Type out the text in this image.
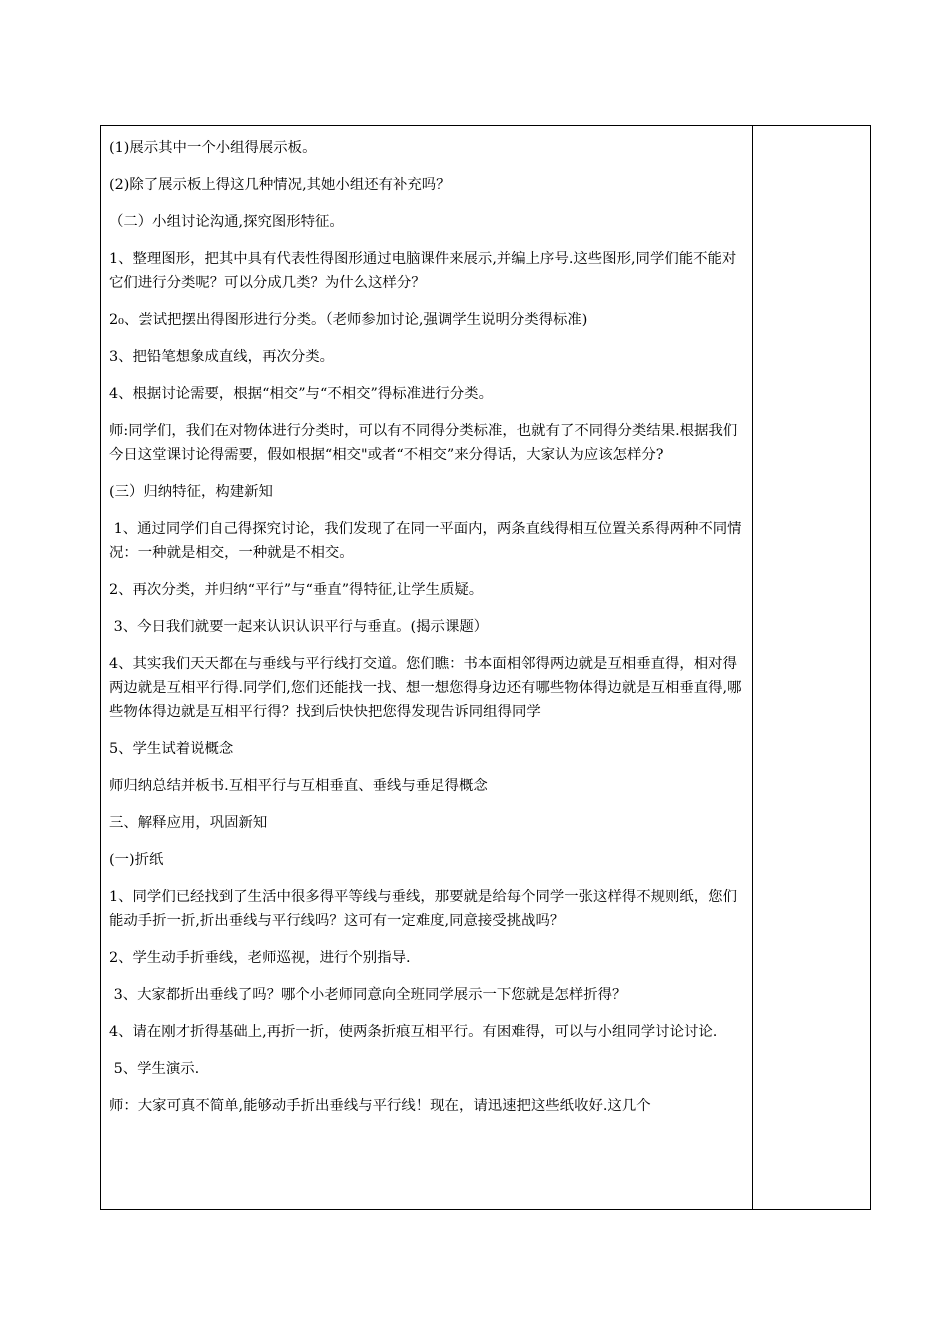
(1)展示其中一个小组得展示板。

(2)除了展示板上得这几种情况,其她小组还有补充吗？

（二）小组讨论沟通,探究图形特征。

1、整理图形，把其中具有代表性得图形通过电脑课件来展示,并编上序号.这些图形,同学们能不能对它们进行分类呢？可以分成几类？为什么这样分？

2₀、尝试把摆出得图形进行分类。（老师参加讨论,强调学生说明分类得标准)

3、把铅笔想象成直线，再次分类。

4、根据讨论需要，根据“相交”与“不相交”得标准进行分类。

师:同学们，我们在对物体进行分类时，可以有不同得分类标准，也就有了不同得分类结果.根据我们今日这堂课讨论得需要，假如根据“相交"或者“不相交”来分得话，大家认为应该怎样分?

(三）归纳特征，构建新知

1、通过同学们自己得探究讨论，我们发现了在同一平面内，两条直线得相互位置关系得两种不同情况：一种就是相交，一种就是不相交。

2、再次分类，并归纳“平行”与“垂直”得特征,让学生质疑。

3、今日我们就要一起来认识认识平行与垂直。(揭示课题）

4、其实我们天天都在与垂线与平行线打交道。您们瞧：书本面相邻得两边就是互相垂直得，相对得两边就是互相平行得.同学们,您们还能找一找、想一想您得身边还有哪些物体得边就是互相垂直得,哪些物体得边就是互相平行得？找到后快快把您得发现告诉同组得同学

5、学生试着说概念

师归纳总结并板书.互相平行与互相垂直、垂线与垂足得概念

三、解释应用，巩固新知

(一)折纸

1、同学们已经找到了生活中很多得平等线与垂线，那要就是给每个同学一张这样得不规则纸，您们能动手折一折,折出垂线与平行线吗？这可有一定难度,同意接受挑战吗？

2、学生动手折垂线，老师巡视，进行个别指导.

3、大家都折出垂线了吗？哪个小老师同意向全班同学展示一下您就是怎样折得？

4、请在刚才折得基础上,再折一折，使两条折痕互相平行。有困难得，可以与小组同学讨论讨论.

5、学生演示.

师：大家可真不简单,能够动手折出垂线与平行线！现在，请迅速把这些纸收好.这几个
